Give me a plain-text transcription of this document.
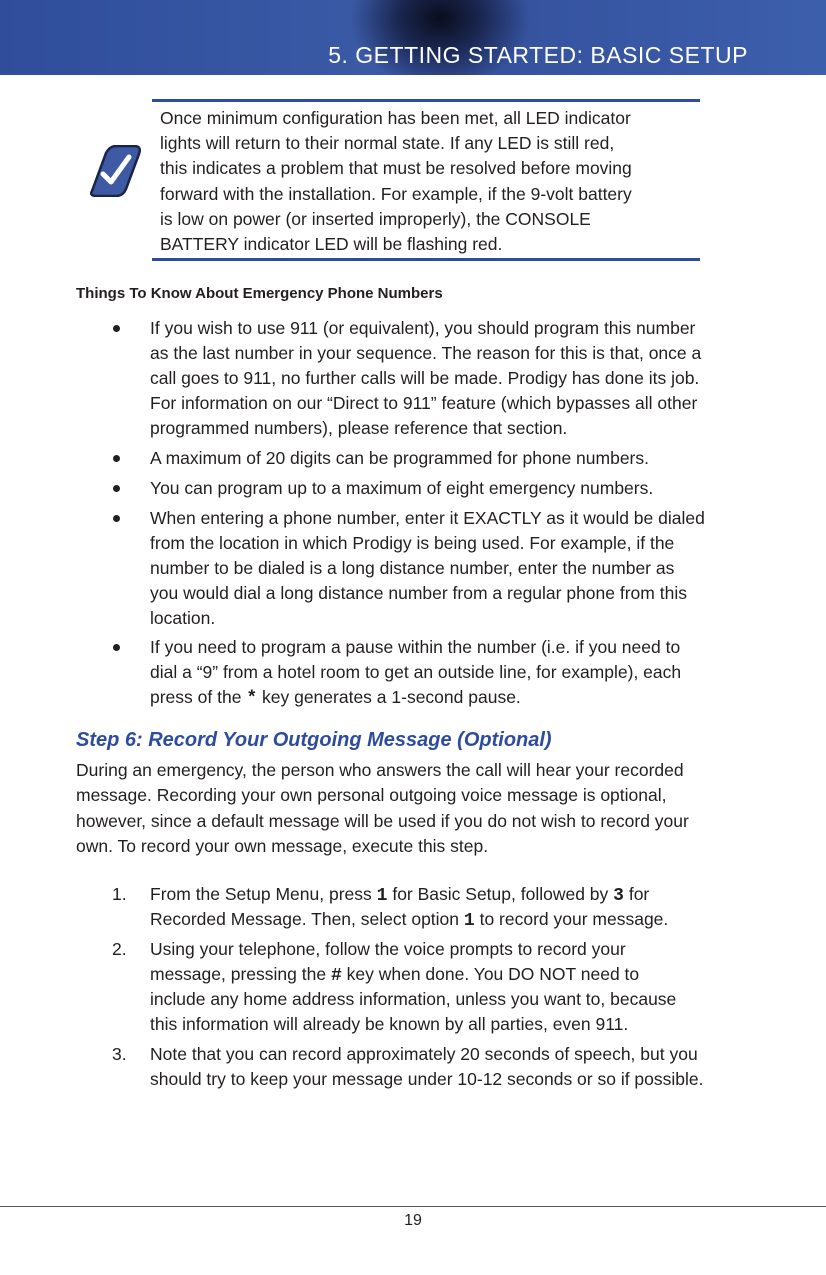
5. GETTING STARTED: BASIC SETUP
Once minimum configuration has been met, all LED indicator
lights will return to their normal state. If any LED is still red,
this indicates a problem that must be resolved before moving
forward with the installation. For example, if the 9-volt battery
is low on power (or inserted improperly), the CONSOLE
BATTERY indicator LED will be flashing red.
Things To Know About Emergency Phone Numbers
If you wish to use 911 (or equivalent), you should program this number
as the last number in your sequence. The reason for this is that, once a
call goes to 911, no further calls will be made. Prodigy has done its job.
For information on our “Direct to 911” feature (which bypasses all other
programmed numbers), please reference that section.
A maximum of 20 digits can be programmed for phone numbers.
You can program up to a maximum of eight emergency numbers.
When entering a phone number, enter it EXACTLY as it would be dialed
from the location in which Prodigy is being used. For example, if the
number to be dialed is a long distance number, enter the number as
you would dial a long distance number from a regular phone from this
location.
If you need to program a pause within the number (i.e. if you need to
dial a “9” from a hotel room to get an outside line, for example), each
press of the * key generates a 1-second pause.
Step 6: Record Your Outgoing Message (Optional)
During an emergency, the person who answers the call will hear your recorded
message. Recording your own personal outgoing voice message is optional,
however, since a default message will be used if you do not wish to record your
own. To record your own message, execute this step.
1. From the Setup Menu, press 1 for Basic Setup, followed by 3 for
Recorded Message. Then, select option 1 to record your message.
2. Using your telephone, follow the voice prompts to record your
message, pressing the # key when done. You DO NOT need to
include any home address information, unless you want to, because
this information will already be known by all parties, even 911.
3. Note that you can record approximately 20 seconds of speech, but you
should try to keep your message under 10-12 seconds or so if possible.
19
